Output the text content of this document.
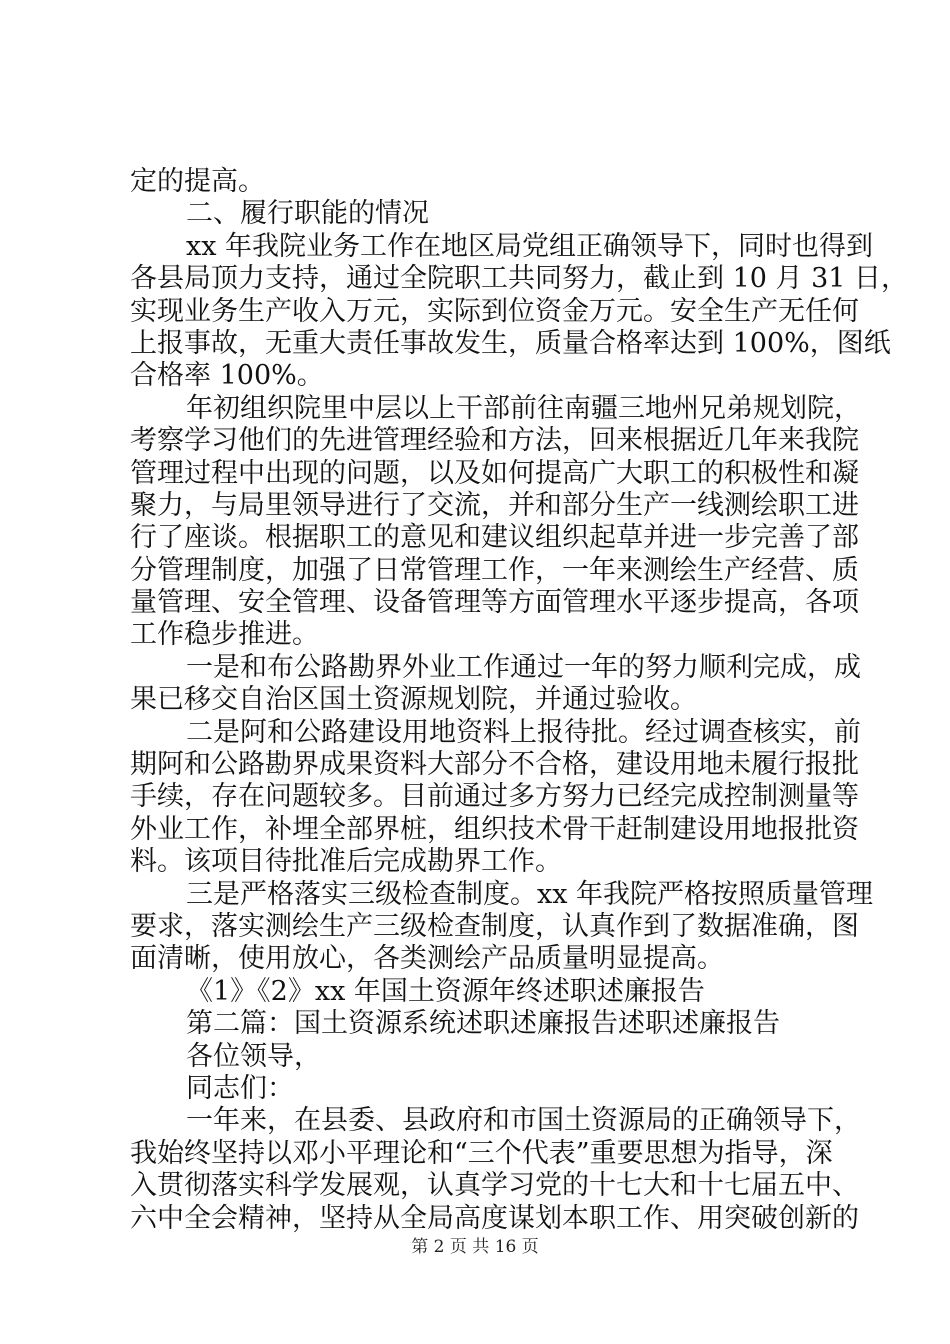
定的提高。
二、履行职能的情况
xx 年我院业务工作在地区局党组正确领导下，同时也得到
各县局顶力支持，通过全院职工共同努力，截止到 10 月 31 日，
实现业务生产收入万元，实际到位资金万元。安全生产无任何
上报事故，无重大责任事故发生，质量合格率达到 100%，图纸
合格率 100%。
年初组织院里中层以上干部前往南疆三地州兄弟规划院，
考察学习他们的先进管理经验和方法，回来根据近几年来我院
管理过程中出现的问题，以及如何提高广大职工的积极性和凝
聚力，与局里领导进行了交流，并和部分生产一线测绘职工进
行了座谈。根据职工的意见和建议组织起草并进一步完善了部
分管理制度，加强了日常管理工作，一年来测绘生产经营、质
量管理、安全管理、设备管理等方面管理水平逐步提高，各项
工作稳步推进。
一是和布公路勘界外业工作通过一年的努力顺利完成，成
果已移交自治区国土资源规划院，并通过验收。
二是阿和公路建设用地资料上报待批。经过调查核实，前
期阿和公路勘界成果资料大部分不合格，建设用地未履行报批
手续，存在问题较多。目前通过多方努力已经完成控制测量等
外业工作，补埋全部界桩，组织技术骨干赶制建设用地报批资
料。该项目待批准后完成勘界工作。
三是严格落实三级检查制度。xx 年我院严格按照质量管理
要求，落实测绘生产三级检查制度，认真作到了数据准确，图
面清晰，使用放心，各类测绘产品质量明显提高。
《1》《2》xx 年国土资源年终述职述廉报告
第二篇：国土资源系统述职述廉报告述职述廉报告
各位领导，
同志们：
一年来，在县委、县政府和市国土资源局的正确领导下，
我始终坚持以邓小平理论和“三个代表”重要思想为指导，深
入贯彻落实科学发展观，认真学习党的十七大和十七届五中、
六中全会精神，坚持从全局高度谋划本职工作、用突破创新的
第 2 页 共 16 页
